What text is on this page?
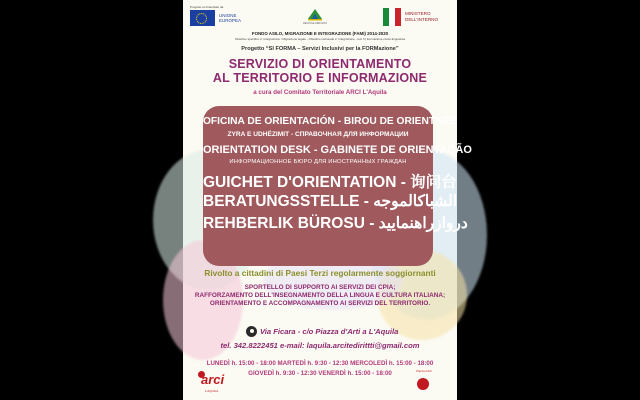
Progetto co-finanziato da
UNIONE EUROPEA
REGIONE ABRUZZO
MINISTERO DELL'INTERNO
FONDO ASILO, MIGRAZIONE E INTEGRAZIONE (FAMI) 2014-2020
Obiettivo specifico 2. Integrazione / Migrazione legale - Obiettivo nazionale 2. Integrazione - lett. h) Formazione civico-linguistica
Progetto “SI FORMA – Servizi Inclusivi per la FORMazione”
SERVIZIO DI ORIENTAMENTO
AL TERRITORIO E INFORMAZIONE
a cura del Comitato Territoriale ARCI L'Aquila
OFICINA DE ORIENTACIÓN - BIROU DE ORIENTARE
ZYRA E UDHËZIMIT - СПРАВОЧНАЯ ДЛЯ ИНФОРМАЦИИ
ORIENTATION DESK - GABINETE DE ORIENTAÇÃO
ИНФОРМАЦИОННОЕ БЮРО ДЛЯ ИНОСТРАННЫХ ГРАЖДАН
GUICHET D'ORIENTATION - 询问台
BERATUNGSSTELLE - الشباكالموجه
REHBERLIK BÜROSU - دروازراهنمایید
Rivolto a cittadini di Paesi Terzi regolarmente soggiornanti
SPORTELLO DI SUPPORTO AI SERVIZI DEI CPIA;
RAFFORZAMENTO DELL'INSEGNAMENTO DELLA LINGUA E CULTURA ITALIANA;
ORIENTAMENTO E ACCOMPAGNAMENTO AI SERVIZI DEL TERRITORIO.
Via Ficara - c/o Piazza d'Arti a L'Aquila
tel. 342.8222451 e-mail: laquila.arcitedirittti@gmail.com
LUNEDÌ h. 15:00 - 18:00 MARTEDÌ h. 9:30 - 12:30 MERCOLEDÌ h. 15:00 - 18:00
GIOVEDÌ h. 9:30 - 12:30 VENERDÌ h. 15:00 - 18:00
arci
L'AQUILA
Piazza d'Arti
